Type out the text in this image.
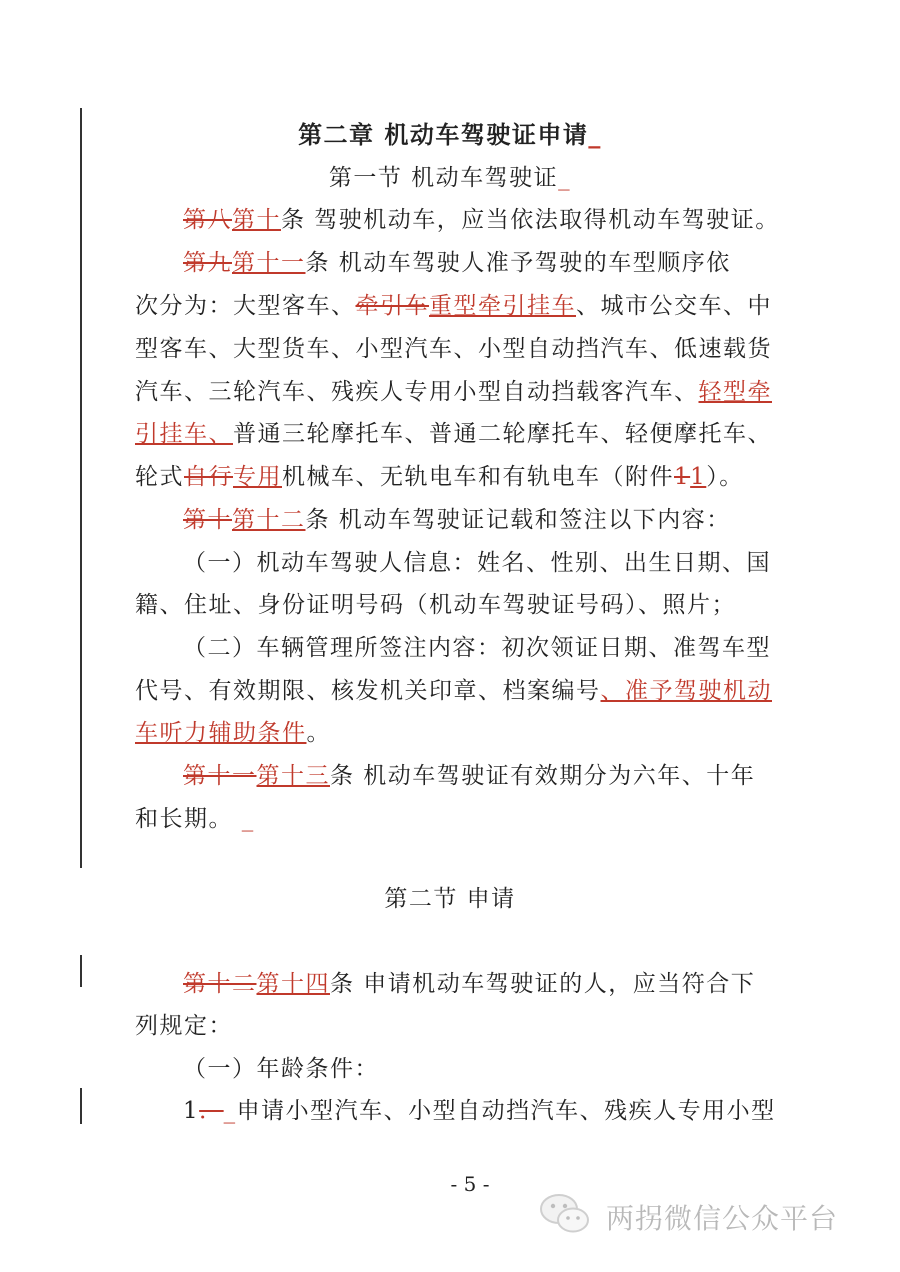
第二章 机动车驾驶证申请_
第一节 机动车驾驶证_
第八第十条 驾驶机动车，应当依法取得机动车驾驶证。
第九第十一条 机动车驾驶人准予驾驶的车型顺序依
次分为：大型客车、牵引车重型牵引挂车、城市公交车、中
型客车、大型货车、小型汽车、小型自动挡汽车、低速载货
汽车、三轮汽车、残疾人专用小型自动挡载客汽车、轻型牵
引挂车、普通三轮摩托车、普通二轮摩托车、轻便摩托车、
轮式自行专用机械车、无轨电车和有轨电车（附件11）。
第十第十二条 机动车驾驶证记载和签注以下内容：
（一）机动车驾驶人信息：姓名、性别、出生日期、国
籍、住址、身份证明号码（机动车驾驶证号码）、照片；
（二）车辆管理所签注内容：初次领证日期、准驾车型
代号、有效期限、核发机关印章、档案编号、准予驾驶机动
车听力辅助条件。
第十一第十三条 机动车驾驶证有效期分为六年、十年
和长期。 _
第二节 申请
第十二第十四条 申请机动车驾驶证的人，应当符合下
列规定：
（一）年龄条件：
1．_申请小型汽车、小型自动挡汽车、残疾人专用小型
- 5 -
两拐微信公众平台
